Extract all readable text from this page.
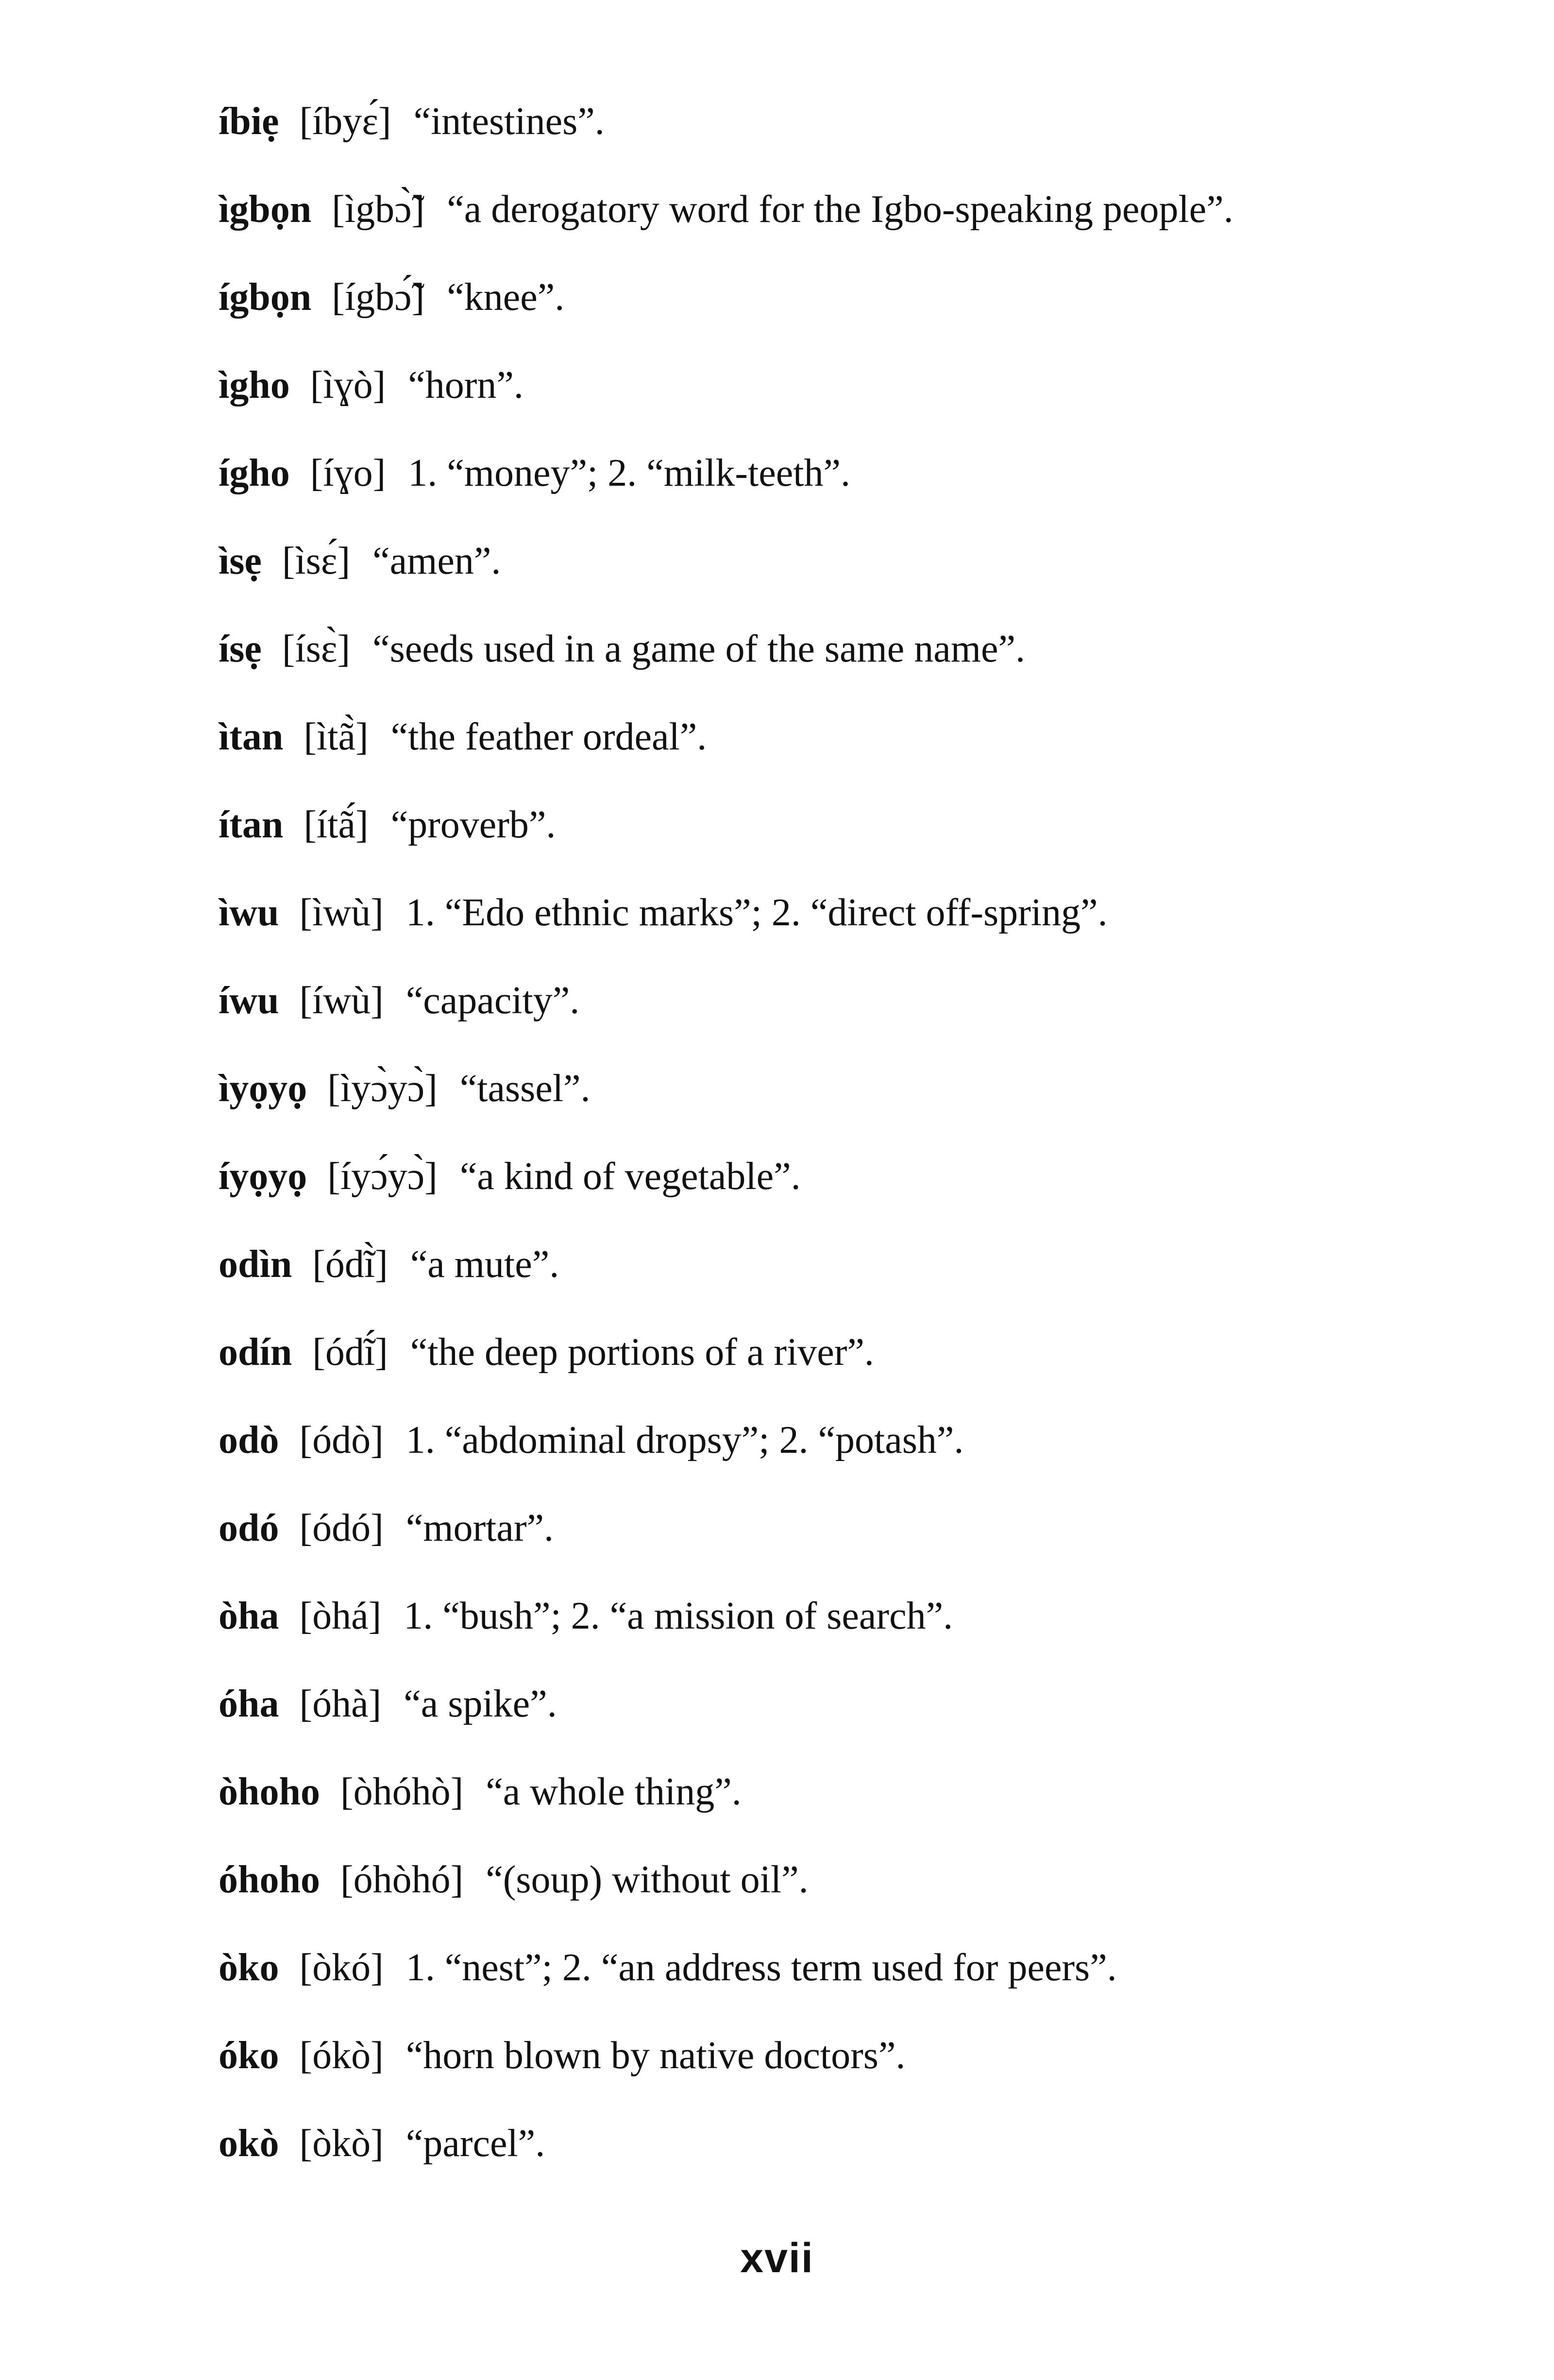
íbiẹ [íbyɛ́] “intestines”.
ìgbọn [ìgbɔ̃̀] “a derogatory word for the Igbo-speaking people”.
ígbọn [ígbɔ̃́] “knee”.
ìgho [ìɣò] “horn”.
ígho [íɣo] 1. “money”; 2. “milk-teeth”.
ìsẹ [ìsɛ́] “amen”.
ísẹ [ísɛ̀] “seeds used in a game of the same name”.
ìtan [ìtã̀] “the feather ordeal”.
ítan [ítã́] “proverb”.
ìwu [ìwù] 1. “Edo ethnic marks”; 2. “direct off-spring”.
íwu [íwù] “capacity”.
ìyọyọ [ìyɔ̀yɔ̀] “tassel”.
íyọyọ [íyɔ́yɔ̀] “a kind of vegetable”.
odìn [ódĩ̀] “a mute”.
odín [ódĩ́] “the deep portions of a river”.
odò [ódò] 1. “abdominal dropsy”; 2. “potash”.
odó [ódó] “mortar”.
òha [òhá] 1. “bush”; 2. “a mission of search”.
óha [óhà] “a spike”.
òhoho [òhóhò] “a whole thing”.
óhoho [óhòhó] “(soup) without oil”.
òko [òkó] 1. “nest”; 2. “an address term used for peers”.
óko [ókò] “horn blown by native doctors”.
okò [òkò] “parcel”.
xvii
